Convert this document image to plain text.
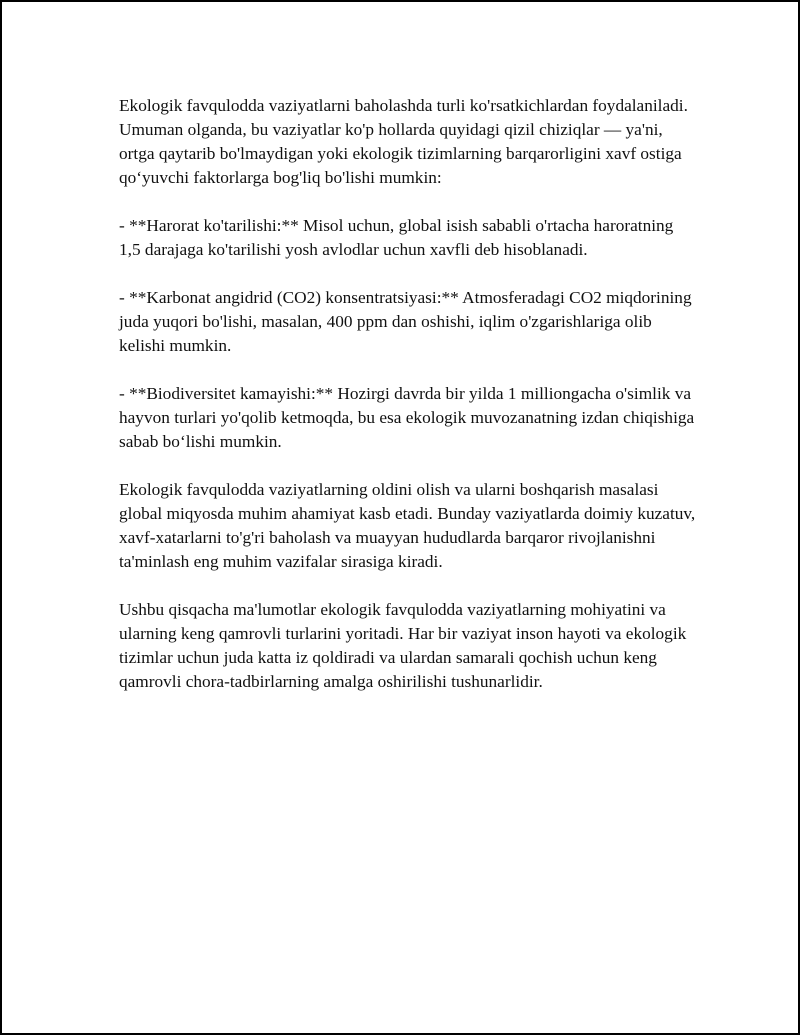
Ekologik favqulodda vaziyatlarni baholashda turli ko'rsatkichlardan foydalaniladi. Umuman olganda, bu vaziyatlar ko'p hollarda quyidagi qizil chiziqlar — ya'ni, ortga qaytarib bo'lmaydigan yoki ekologik tizimlarning barqarorligini xavf ostiga qo‘yuvchi faktorlarga bog'liq bo'lishi mumkin:

- **Harorat ko'tarilishi:** Misol uchun, global isish sababli o'rtacha haroratning 1,5 darajaga ko'tarilishi yosh avlodlar uchun xavfli deb hisoblanadi.

- **Karbonat angidrid (CO2) konsentratsiyasi:** Atmosferadagi CO2 miqdorining juda yuqori bo'lishi, masalan, 400 ppm dan oshishi, iqlim o'zgarishlariga olib kelishi mumkin.

- **Biodiversitet kamayishi:** Hozirgi davrda bir yilda 1 milliongacha o'simlik va hayvon turlari yo'qolib ketmoqda, bu esa ekologik muvozanatning izdan chiqishiga sabab bo‘lishi mumkin.

Ekologik favqulodda vaziyatlarning oldini olish va ularni boshqarish masalasi global miqyosda muhim ahamiyat kasb etadi. Bunday vaziyatlarda doimiy kuzatuv, xavf-xatarlarni to'g'ri baholash va muayyan hududlarda barqaror rivojlanishni ta'minlash eng muhim vazifalar sirasiga kiradi.

Ushbu qisqacha ma'lumotlar ekologik favqulodda vaziyatlarning mohiyatini va ularning keng qamrovli turlarini yoritadi. Har bir vaziyat inson hayoti va ekologik tizimlar uchun juda katta iz qoldiradi va ulardan samarali qochish uchun keng qamrovli chora-tadbirlarning amalga oshirilishi tushunarlidir.
